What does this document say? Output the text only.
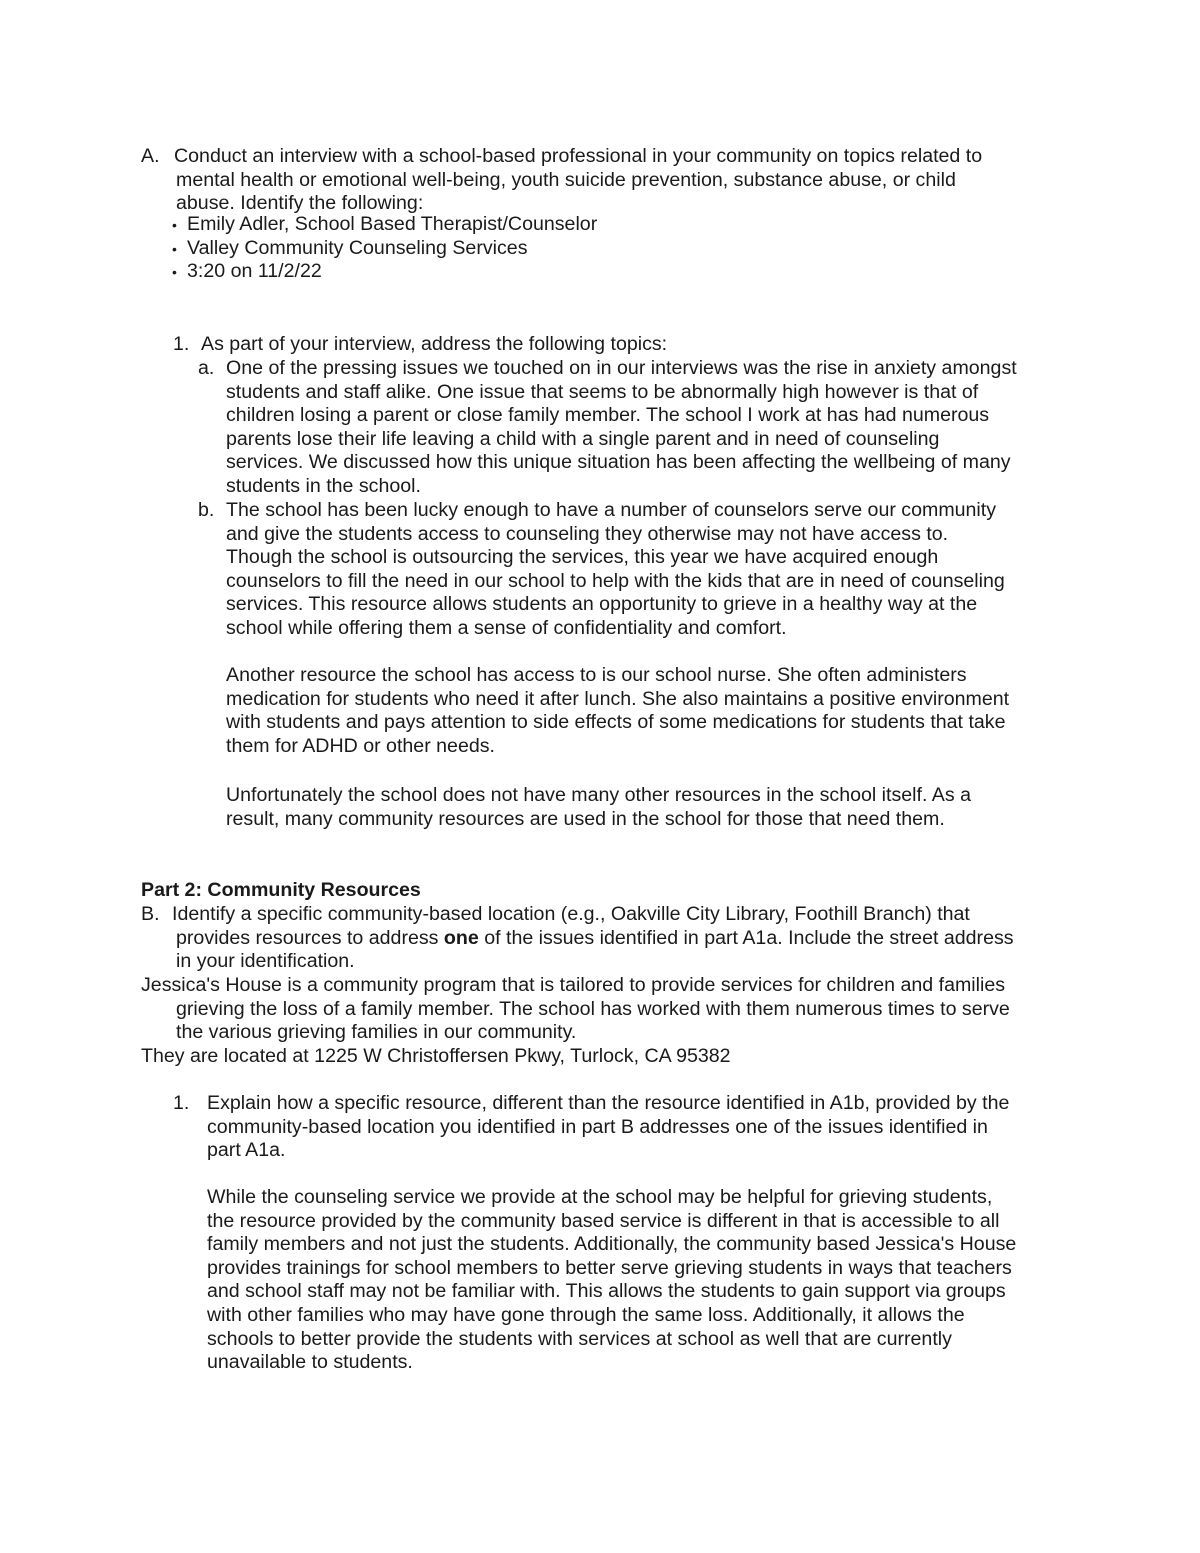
A. Conduct an interview with a school-based professional in your community on topics related to
mental health or emotional well-being, youth suicide prevention, substance abuse, or child
abuse. Identify the following:
• Emily Adler, School Based Therapist/Counselor
• Valley Community Counseling Services
• 3:20 on 11/2/22
1. As part of your interview, address the following topics:
a. One of the pressing issues we touched on in our interviews was the rise in anxiety amongst
students and staff alike. One issue that seems to be abnormally high however is that of
children losing a parent or close family member. The school I work at has had numerous
parents lose their life leaving a child with a single parent and in need of counseling
services. We discussed how this unique situation has been affecting the wellbeing of many
students in the school.
b. The school has been lucky enough to have a number of counselors serve our community
and give the students access to counseling they otherwise may not have access to.
Though the school is outsourcing the services, this year we have acquired enough
counselors to fill the need in our school to help with the kids that are in need of counseling
services. This resource allows students an opportunity to grieve in a healthy way at the
school while offering them a sense of confidentiality and comfort.
Another resource the school has access to is our school nurse. She often administers
medication for students who need it after lunch. She also maintains a positive environment
with students and pays attention to side effects of some medications for students that take
them for ADHD or other needs.
Unfortunately the school does not have many other resources in the school itself. As a
result, many community resources are used in the school for those that need them.
Part 2: Community Resources
B. Identify a specific community-based location (e.g., Oakville City Library, Foothill Branch) that
provides resources to address one of the issues identified in part A1a. Include the street address
in your identification.
Jessica's House is a community program that is tailored to provide services for children and families
grieving the loss of a family member. The school has worked with them numerous times to serve
the various grieving families in our community.
They are located at 1225 W Christoffersen Pkwy, Turlock, CA 95382
1. Explain how a specific resource, different than the resource identified in A1b, provided by the
community-based location you identified in part B addresses one of the issues identified in
part A1a.
While the counseling service we provide at the school may be helpful for grieving students,
the resource provided by the community based service is different in that is accessible to all
family members and not just the students. Additionally, the community based Jessica's House
provides trainings for school members to better serve grieving students in ways that teachers
and school staff may not be familiar with. This allows the students to gain support via groups
with other families who may have gone through the same loss. Additionally, it allows the
schools to better provide the students with services at school as well that are currently
unavailable to students.
